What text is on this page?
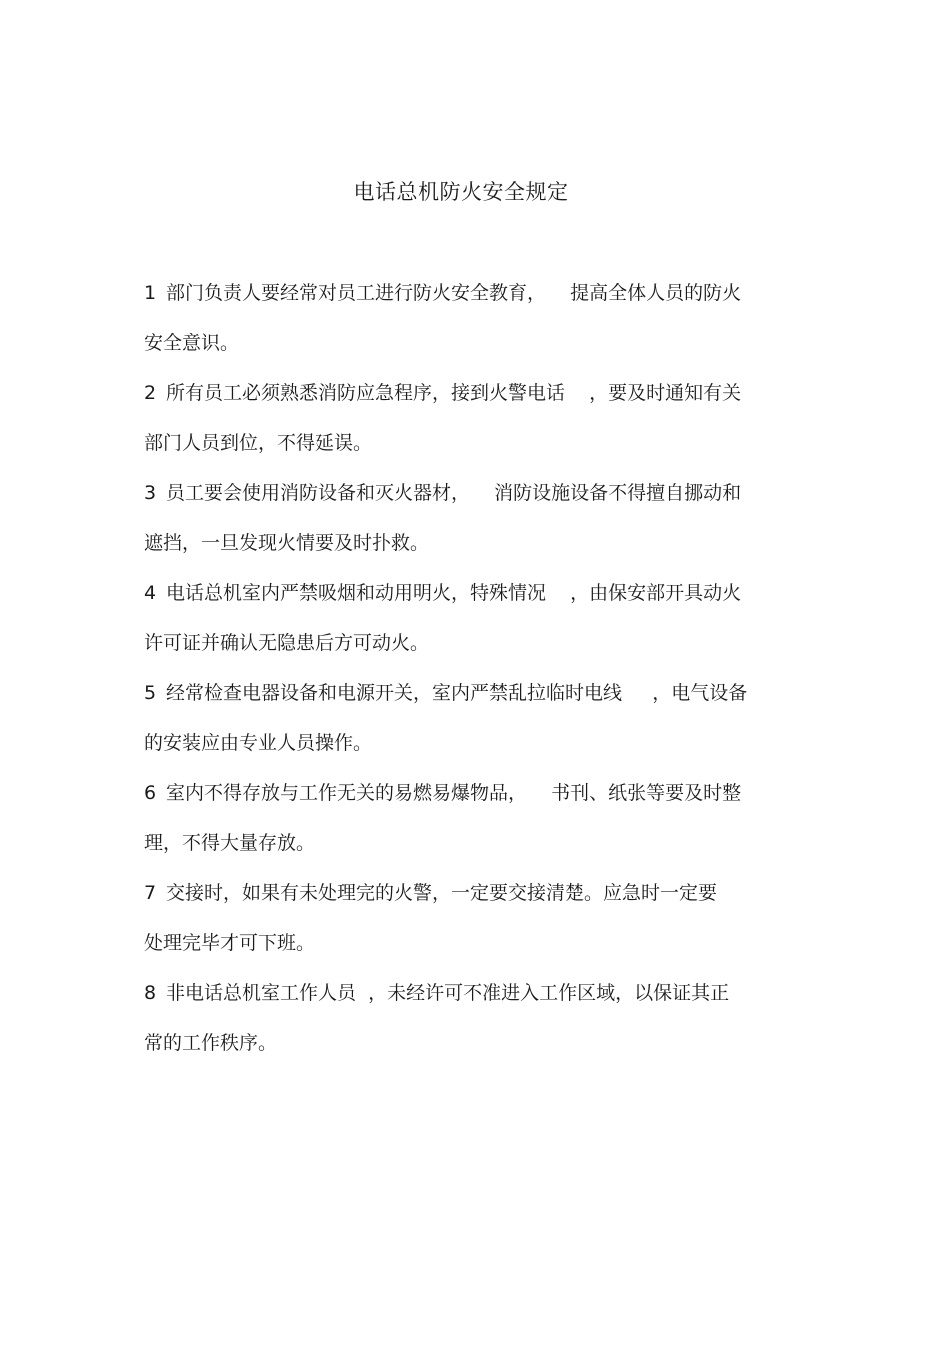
电话总机防火安全规定
1 部门负责人要经常对员工进行防火安全教育，    提高全体人员的防火
安全意识。
2 所有员工必须熟悉消防应急程序，接到火警电话    ，要及时通知有关
部门人员到位，不得延误。
3 员工要会使用消防设备和灭火器材，    消防设施设备不得擅自挪动和
遮挡，一旦发现火情要及时扑救。
4 电话总机室内严禁吸烟和动用明火，特殊情况    ，由保安部开具动火
许可证并确认无隐患后方可动火。
5 经常检查电器设备和电源开关，室内严禁乱拉临时电线     ，电气设备
的安装应由专业人员操作。
6 室内不得存放与工作无关的易燃易爆物品，    书刊、纸张等要及时整
理，不得大量存放。
7 交接时，如果有未处理完的火警，一定要交接清楚。应急时一定要
处理完毕才可下班。
8 非电话总机室工作人员  ，未经许可不准进入工作区域，以保证其正
常的工作秩序。
